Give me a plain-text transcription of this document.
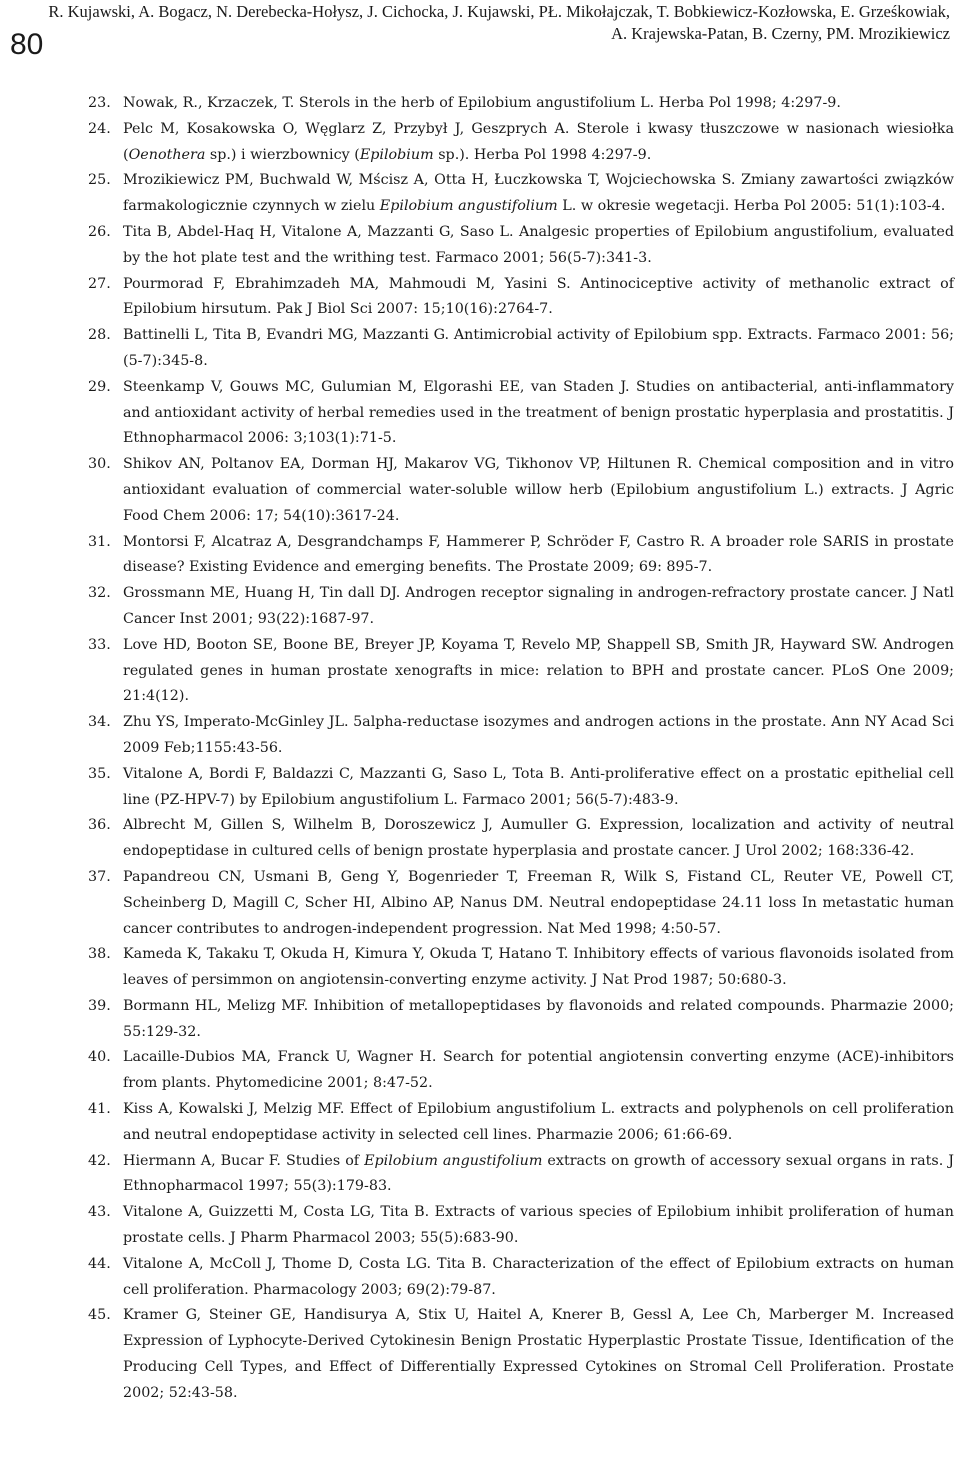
R. Kujawski, A. Bogacz, N. Derebecka-Hołysz, J. Cichocka, J. Kujawski, PŁ. Mikołajczak, T. Bobkiewicz-Kozłowska, E. Grześkowiak,
A. Krajewska-Patan, B. Czerny, PM. Mrozikiewicz
80
23. Nowak, R., Krzaczek, T. Sterols in the herb of Epilobium angustifolium L. Herba Pol 1998; 4:297-9.
24. Pelc M, Kosakowska O, Węglarz Z, Przybył J, Geszprych A. Sterole i kwasy tłuszczowe w nasionach wiesiołka (Oenothera sp.) i wierzbownicy (Epilobium sp.). Herba Pol 1998 4:297-9.
25. Mrozikiewicz PM, Buchwald W, Mścisz A, Otta H, Łuczkowska T, Wojciechowska S. Zmiany zawartości związków farmakologicznie czynnych w zielu Epilobium angustifolium L. w okresie wegetacji. Herba Pol 2005: 51(1):103-4.
26. Tita B, Abdel-Haq H, Vitalone A, Mazzanti G, Saso L. Analgesic properties of Epilobium angustifolium, evaluated by the hot plate test and the writhing test. Farmaco 2001; 56(5-7):341-3.
27. Pourmorad F, Ebrahimzadeh MA, Mahmoudi M, Yasini S. Antinociceptive activity of methanolic extract of Epilobium hirsutum. Pak J Biol Sci 2007: 15;10(16):2764-7.
28. Battinelli L, Tita B, Evandri MG, Mazzanti G. Antimicrobial activity of Epilobium spp. Extracts. Farmaco 2001: 56;(5-7):345-8.
29. Steenkamp V, Gouws MC, Gulumian M, Elgorashi EE, van Staden J. Studies on antibacterial, anti-inflammatory and antioxidant activity of herbal remedies used in the treatment of benign prostatic hyperplasia and prostatitis. J Ethnopharmacol 2006: 3;103(1):71-5.
30. Shikov AN, Poltanov EA, Dorman HJ, Makarov VG, Tikhonov VP, Hiltunen R. Chemical composition and in vitro antioxidant evaluation of commercial water-soluble willow herb (Epilobium angustifolium L.) extracts. J Agric Food Chem 2006: 17; 54(10):3617-24.
31. Montorsi F, Alcatraz A, Desgrandchamps F, Hammerer P, Schröder F, Castro R. A broader role SARIS in prostate disease? Existing Evidence and emerging benefits. The Prostate 2009; 69: 895-7.
32. Grossmann ME, Huang H, Tin dall DJ. Androgen receptor signaling in androgen-refractory prostate cancer. J Natl Cancer Inst 2001; 93(22):1687-97.
33. Love HD, Booton SE, Boone BE, Breyer JP, Koyama T, Revelo MP, Shappell SB, Smith JR, Hayward SW. Androgen regulated genes in human prostate xenografts in mice: relation to BPH and prostate cancer. PLoS One 2009; 21:4(12).
34. Zhu YS, Imperato-McGinley JL. 5alpha-reductase isozymes and androgen actions in the prostate. Ann NY Acad Sci 2009 Feb;1155:43-56.
35. Vitalone A, Bordi F, Baldazzi C, Mazzanti G, Saso L, Tota B. Anti-proliferative effect on a prostatic epithelial cell line (PZ-HPV-7) by Epilobium angustifolium L. Farmaco 2001; 56(5-7):483-9.
36. Albrecht M, Gillen S, Wilhelm B, Doroszewicz J, Aumuller G. Expression, localization and activity of neutral endopeptidase in cultured cells of benign prostate hyperplasia and prostate cancer. J Urol 2002; 168:336-42.
37. Papandreou CN, Usmani B, Geng Y, Bogenrieder T, Freeman R, Wilk S, Fistand CL, Reuter VE, Powell CT, Scheinberg D, Magill C, Scher HI, Albino AP, Nanus DM. Neutral endopeptidase 24.11 loss In metastatic human cancer contributes to androgen-independent progression. Nat Med 1998; 4:50-57.
38. Kameda K, Takaku T, Okuda H, Kimura Y, Okuda T, Hatano T. Inhibitory effects of various flavonoids isolated from leaves of persimmon on angiotensin-converting enzyme activity. J Nat Prod 1987; 50:680-3.
39. Bormann HL, Melizg MF. Inhibition of metallopeptidases by flavonoids and related compounds. Pharmazie 2000; 55:129-32.
40. Lacaille-Dubios MA, Franck U, Wagner H. Search for potential angiotensin converting enzyme (ACE)-inhibitors from plants. Phytomedicine 2001; 8:47-52.
41. Kiss A, Kowalski J, Melzig MF. Effect of Epilobium angustifolium L. extracts and polyphenols on cell proliferation and neutral endopeptidase activity in selected cell lines. Pharmazie 2006; 61:66-69.
42. Hiermann A, Bucar F. Studies of Epilobium angustifolium extracts on growth of accessory sexual organs in rats. J Ethnopharmacol 1997; 55(3):179-83.
43. Vitalone A, Guizzetti M, Costa LG, Tita B. Extracts of various species of Epilobium inhibit proliferation of human prostate cells. J Pharm Pharmacol 2003; 55(5):683-90.
44. Vitalone A, McColl J, Thome D, Costa LG. Tita B. Characterization of the effect of Epilobium extracts on human cell proliferation. Pharmacology 2003; 69(2):79-87.
45. Kramer G, Steiner GE, Handisurya A, Stix U, Haitel A, Knerer B, Gessl A, Lee Ch, Marberger M. Increased Expression of Lyphocyte-Derived Cytokinesin Benign Prostatic Hyperplastic Prostate Tissue, Identification of the Producing Cell Types, and Effect of Differentially Expressed Cytokines on Stromal Cell Proliferation. Prostate 2002; 52:43-58.
